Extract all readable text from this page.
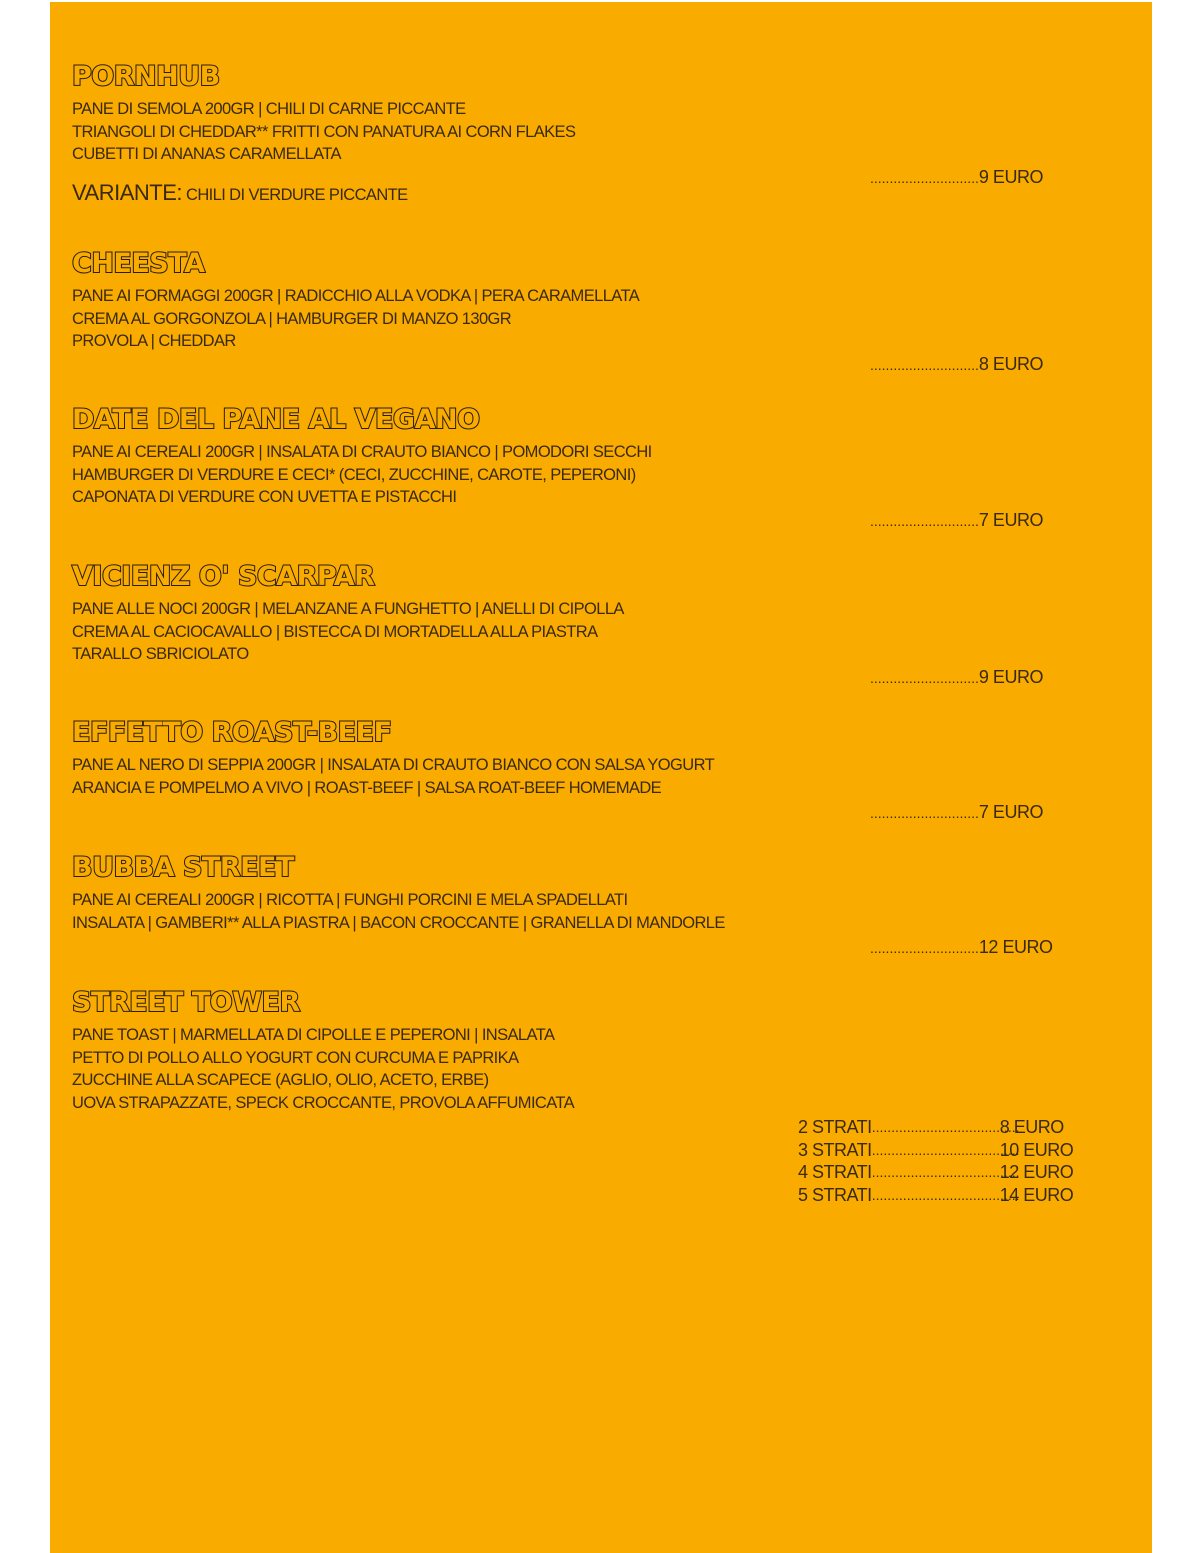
PORNHUB
PANE DI SEMOLA 200GR | CHILI DI CARNE PICCANTE
TRIANGOLI DI CHEDDAR** FRITTI CON PANATURA AI CORN FLAKES
CUBETTI DI ANANAS CARAMELLATA
VARIANTE: CHILI DI VERDURE PICCANTE
............................9 EURO
CHEESTA
PANE AI FORMAGGI 200GR | RADICCHIO ALLA VODKA | PERA CARAMELLATA
CREMA AL GORGONZOLA | HAMBURGER DI MANZO 130GR
PROVOLA | CHEDDAR
............................8 EURO
DATE DEL PANE AL VEGANO
PANE AI CEREALI 200GR | INSALATA DI CRAUTO BIANCO | POMODORI SECCHI
HAMBURGER DI VERDURE E CECI* (CECI, ZUCCHINE, CAROTE, PEPERONI)
CAPONATA DI VERDURE CON UVETTA E PISTACCHI
............................7 EURO
VICIENZ O' SCARPAR
PANE ALLE NOCI 200GR | MELANZANE A FUNGHETTO | ANELLI DI CIPOLLA
CREMA AL CACIOCAVALLO | BISTECCA DI MORTADELLA ALLA PIASTRA
TARALLO SBRICIOLATO
............................9 EURO
EFFETTO ROAST-BEEF
PANE AL NERO DI SEPPIA 200GR | INSALATA DI CRAUTO BIANCO CON SALSA YOGURT
ARANCIA E POMPELMO A VIVO | ROAST-BEEF | SALSA ROAT-BEEF HOMEMADE
............................7 EURO
BUBBA STREET
PANE AI CEREALI 200GR | RICOTTA | FUNGHI PORCINI E MELA SPADELLATI
INSALATA | GAMBERI** ALLA PIASTRA | BACON CROCCANTE | GRANELLA DI MANDORLE
............................12 EURO
STREET TOWER
PANE TOAST | MARMELLATA DI CIPOLLE E PEPERONI | INSALATA
PETTO DI POLLO ALLO YOGURT CON CURCUMA E PAPRIKA
ZUCCHINE ALLA SCAPECE (AGLIO, OLIO, ACETO, ERBE)
UOVA STRAPAZZATE, SPECK CROCCANTE, PROVOLA AFFUMICATA
2 STRATI ......................................
8 EURO
3 STRATI ......................................
10 EURO
4 STRATI ......................................
12 EURO
5 STRATI ......................................
14 EURO
